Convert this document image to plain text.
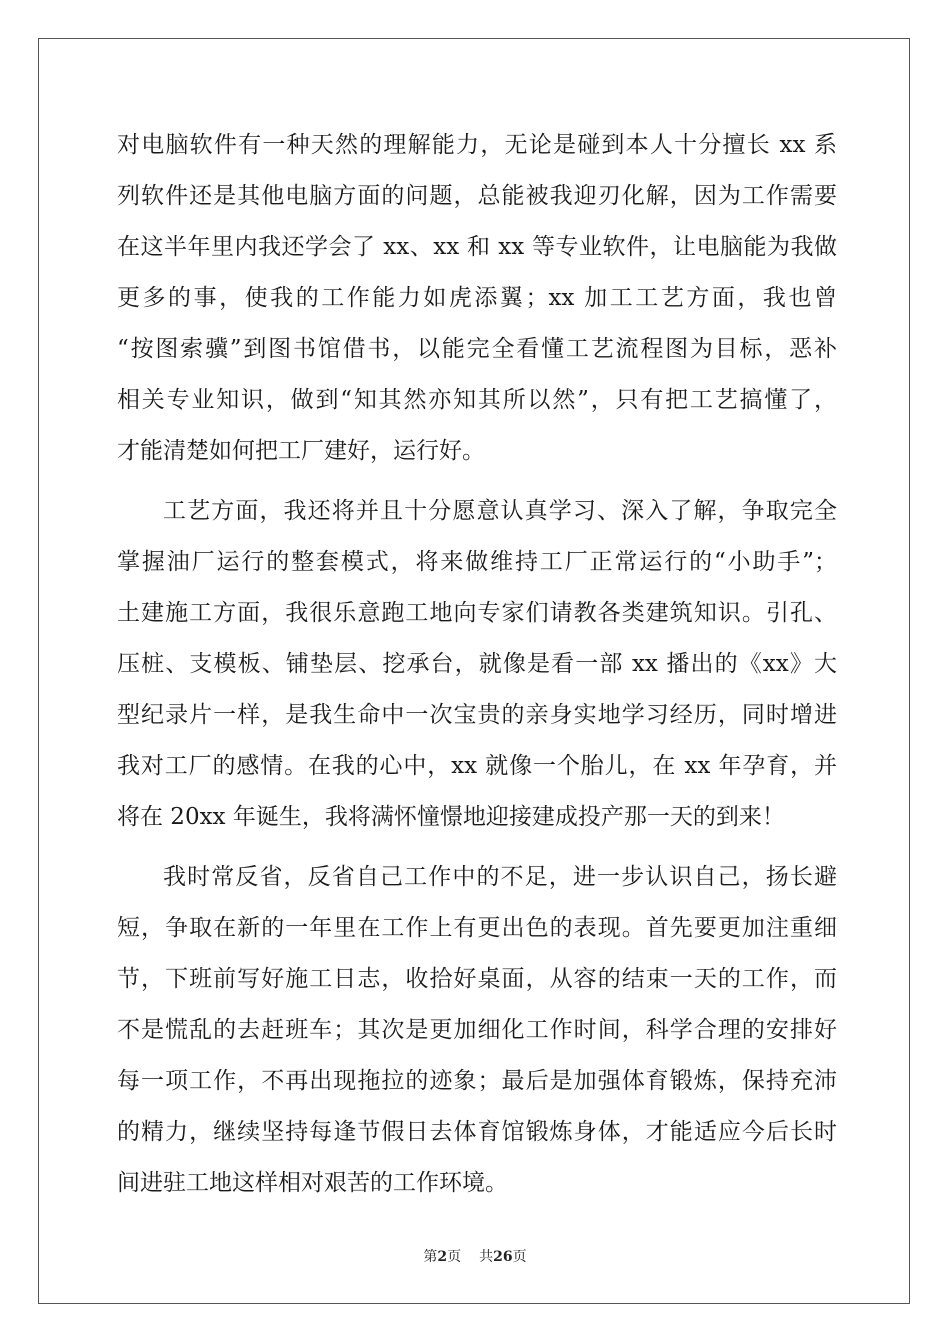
对电脑软件有一种天然的理解能力，无论是碰到本人十分擅长 xx 系
列软件还是其他电脑方面的问题，总能被我迎刃化解，因为工作需要
在这半年里内我还学会了 xx、xx 和 xx 等专业软件，让电脑能为我做
更多的事，使我的工作能力如虎添翼；xx 加工工艺方面，我也曾
“按图索骥”到图书馆借书，以能完全看懂工艺流程图为目标，恶补
相关专业知识，做到“知其然亦知其所以然”，只有把工艺搞懂了，
才能清楚如何把工厂建好，运行好。
工艺方面，我还将并且十分愿意认真学习、深入了解，争取完全
掌握油厂运行的整套模式，将来做维持工厂正常运行的“小助手”；
土建施工方面，我很乐意跑工地向专家们请教各类建筑知识。引孔、
压桩、支模板、铺垫层、挖承台，就像是看一部 xx 播出的《xx》大
型纪录片一样，是我生命中一次宝贵的亲身实地学习经历，同时增进
我对工厂的感情。在我的心中，xx 就像一个胎儿，在 xx 年孕育，并
将在 20xx 年诞生，我将满怀憧憬地迎接建成投产那一天的到来！
我时常反省，反省自己工作中的不足，进一步认识自己，扬长避
短，争取在新的一年里在工作上有更出色的表现。首先要更加注重细
节，下班前写好施工日志，收拾好桌面，从容的结束一天的工作，而
不是慌乱的去赶班车；其次是更加细化工作时间，科学合理的安排好
每一项工作，不再出现拖拉的迹象；最后是加强体育锻炼，保持充沛
的精力，继续坚持每逢节假日去体育馆锻炼身体，才能适应今后长时
间进驻工地这样相对艰苦的工作环境。
第2页 共26页
